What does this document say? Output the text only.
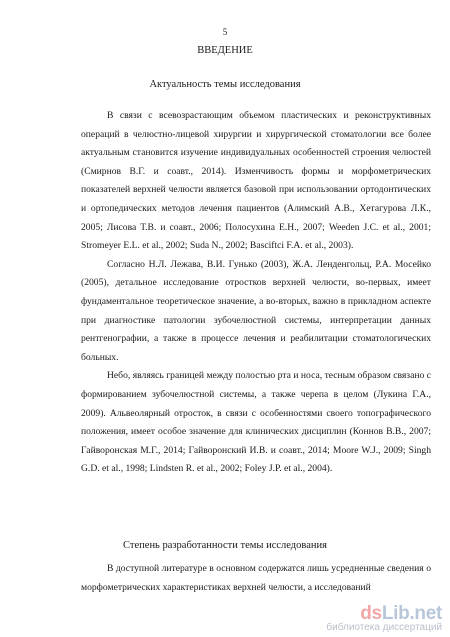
5
ВВЕДЕНИЕ
Актуальность темы исследования

В связи с всевозрастающим объемом пластических и реконструктивных операций в челюстно-лицевой хирургии и хирургической стоматологии все более актуальным становится изучение индивидуальных особенностей строения челюстей (Смирнов В.Г. и соавт., 2014). Изменчивость формы и морфометрических показателей верхней челюсти является базовой при использовании ортодонтических и ортопедических методов лечения пациентов (Алимский А.В., Хетагурова Л.К., 2005; Лисова Т.В. и соавт., 2006; Полосухина Е.Н., 2007; Weeden J.C. et al., 2001; Stromeyer E.L. et al., 2002; Suda N., 2002; Basciftci F.A. et al., 2003).

Согласно Н.Л. Лежава, В.И. Гунько (2003), Ж.А. Ленденгольц, Р.А. Мосейко (2005), детальное исследование отростков верхней челюсти, во-первых, имеет фундаментальное теоретическое значение, а во-вторых, важно в прикладном аспекте при диагностике патологии зубочелюстной системы, интерпретации данных рентгенографии, а также в процессе лечения и реабилитации стоматологических больных.

Небо, являясь границей между полостью рта и носа, тесным образом связано с формированием зубочелюстной системы, а также черепа в целом (Лукина Г.А., 2009). Альвеолярный отросток, в связи с особенностями своего топографического положения, имеет особое значение для клинических дисциплин (Коннов В.В., 2007; Гайворонская М.Г., 2014; Гайворонский И.В. и соавт., 2014; Moore W.J., 2009; Singh G.D. et al., 1998; Lindsten R. et al., 2002; Foley J.P. et al., 2004).

Степень разработанности темы исследования

В доступной литературе в основном содержатся лишь усредненные сведения о морфометрических характеристиках верхней челюсти, а исследований

dsLib.net
библиотека диссертаций
